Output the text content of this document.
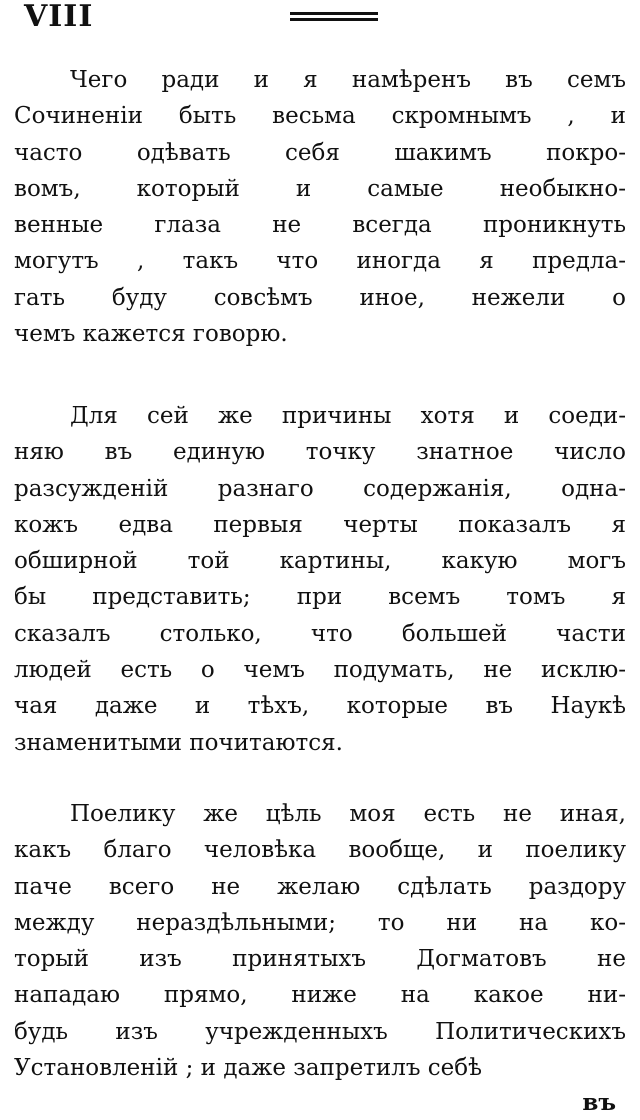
VIII
Чего ради и я намѣренъ въ семъ
Сочиненіи быть весьма скромнымъ , и
часто одѣвать себя шакимъ покро-
вомъ, который и самые необыкно-
венные глаза не всегда проникнуть
могутъ , такъ что иногда я предла-
гать буду совсѣмъ иное, нежели о
чемъ кажется говорю.
Для сей же причины хотя и соеди-
няю въ единую точку знатное число
разсужденій разнаго содержанія, одна-
кожъ едва первыя черты показалъ я
обширной той картины, какую могъ
бы представить; при всемъ томъ я
сказалъ столько, что большей части
людей есть о чемъ подумать, не исклю-
чая даже и тѣхъ, которые въ Наукѣ
знаменитыми почитаются.
Поелику же цѣль моя есть не иная,
какъ благо человѣка вообще, и поелику
паче всего не желаю сдѣлать раздору
между нераздѣльными; то ни на ко-
торый изъ принятыхъ Догматовъ не
нападаю прямо, ниже на какое ни-
будь изъ учрежденныхъ Политическихъ
Установленій ; и даже запретилъ себѣ
въ
